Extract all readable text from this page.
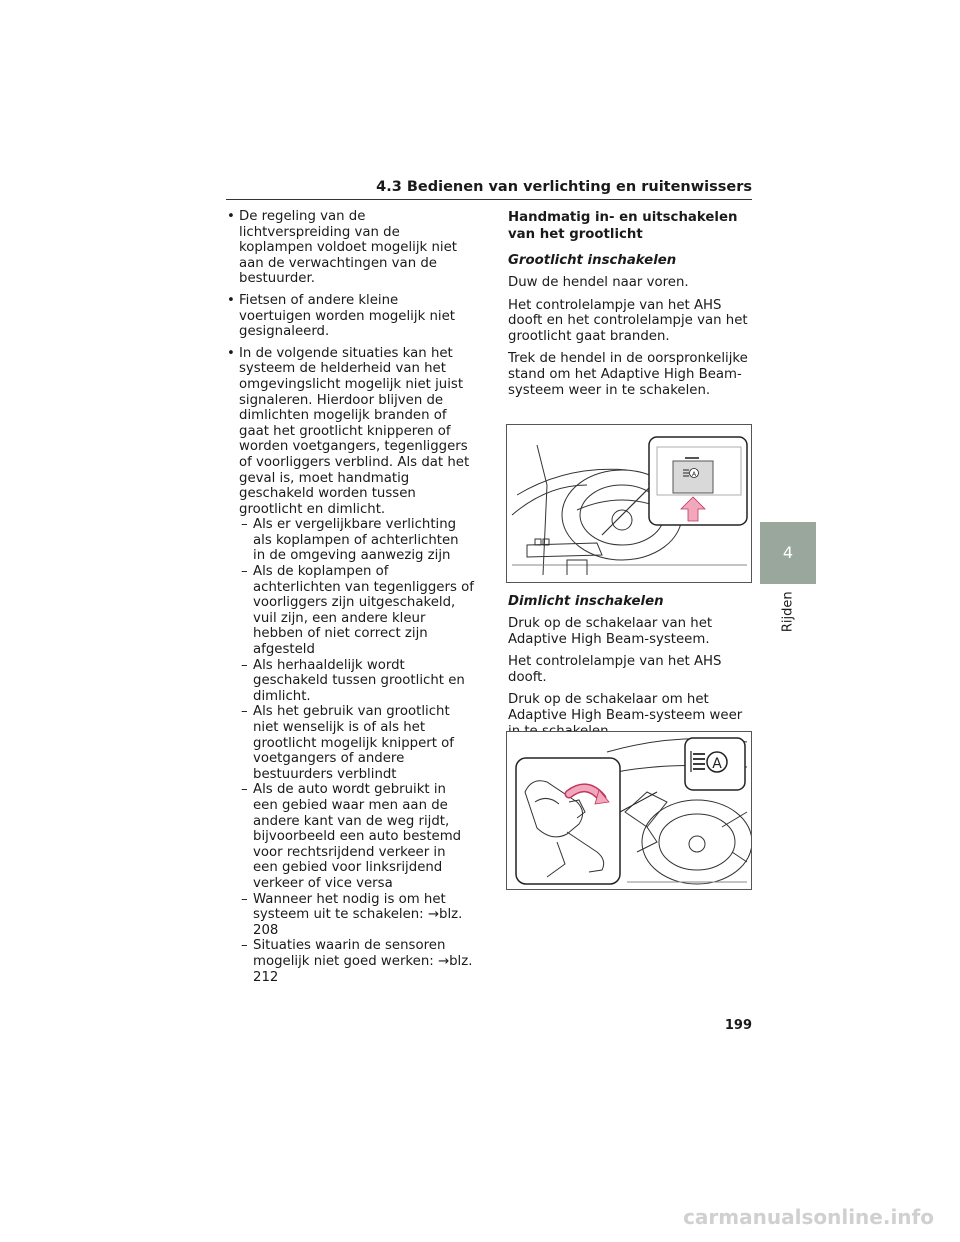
4.3 Bedienen van verlichting en ruitenwissers
• De regeling van de lichtverspreiding van de koplampen voldoet mogelijk niet aan de verwachtingen van de bestuurder.
• Fietsen of andere kleine voertuigen worden mogelijk niet gesignaleerd.
• In de volgende situaties kan het systeem de helderheid van het omgevingslicht mogelijk niet juist signaleren. Hierdoor blijven de dimlichten mogelijk branden of gaat het grootlicht knipperen of worden voetgangers, tegenliggers of voorliggers verblind. Als dat het geval is, moet handmatig geschakeld worden tussen grootlicht en dimlicht.
– Als er vergelijkbare verlichting als koplampen of achterlichten in de omgeving aanwezig zijn
– Als de koplampen of achterlichten van tegenliggers of voorliggers zijn uitgeschakeld, vuil zijn, een andere kleur hebben of niet correct zijn afgesteld
– Als herhaaldelijk wordt geschakeld tussen grootlicht en dimlicht.
– Als het gebruik van grootlicht niet wenselijk is of als het grootlicht mogelijk knippert of voetgangers of andere bestuurders verblindt
– Als de auto wordt gebruikt in een gebied waar men aan de andere kant van de weg rijdt, bijvoorbeeld een auto bestemd voor rechtsrijdend verkeer in een gebied voor linksrijdend verkeer of vice versa
– Wanneer het nodig is om het systeem uit te schakelen: →blz. 208
– Situaties waarin de sensoren mogelijk niet goed werken: →blz. 212
Handmatig in- en uitschakelen van het grootlicht
Grootlicht inschakelen

Duw de hendel naar voren.

Het controlelampje van het AHS dooft en het controlelampje van het grootlicht gaat branden.

Trek de hendel in de oorspronkelijke stand om het Adaptive High Beam-systeem weer in te schakelen.

A
Dimlicht inschakelen

Druk op de schakelaar van het Adaptive High Beam-systeem.

Het controlelampje van het AHS dooft.

Druk op de schakelaar om het Adaptive High Beam-systeem weer

A
4
Rijden
199
carmanualsonline.info
